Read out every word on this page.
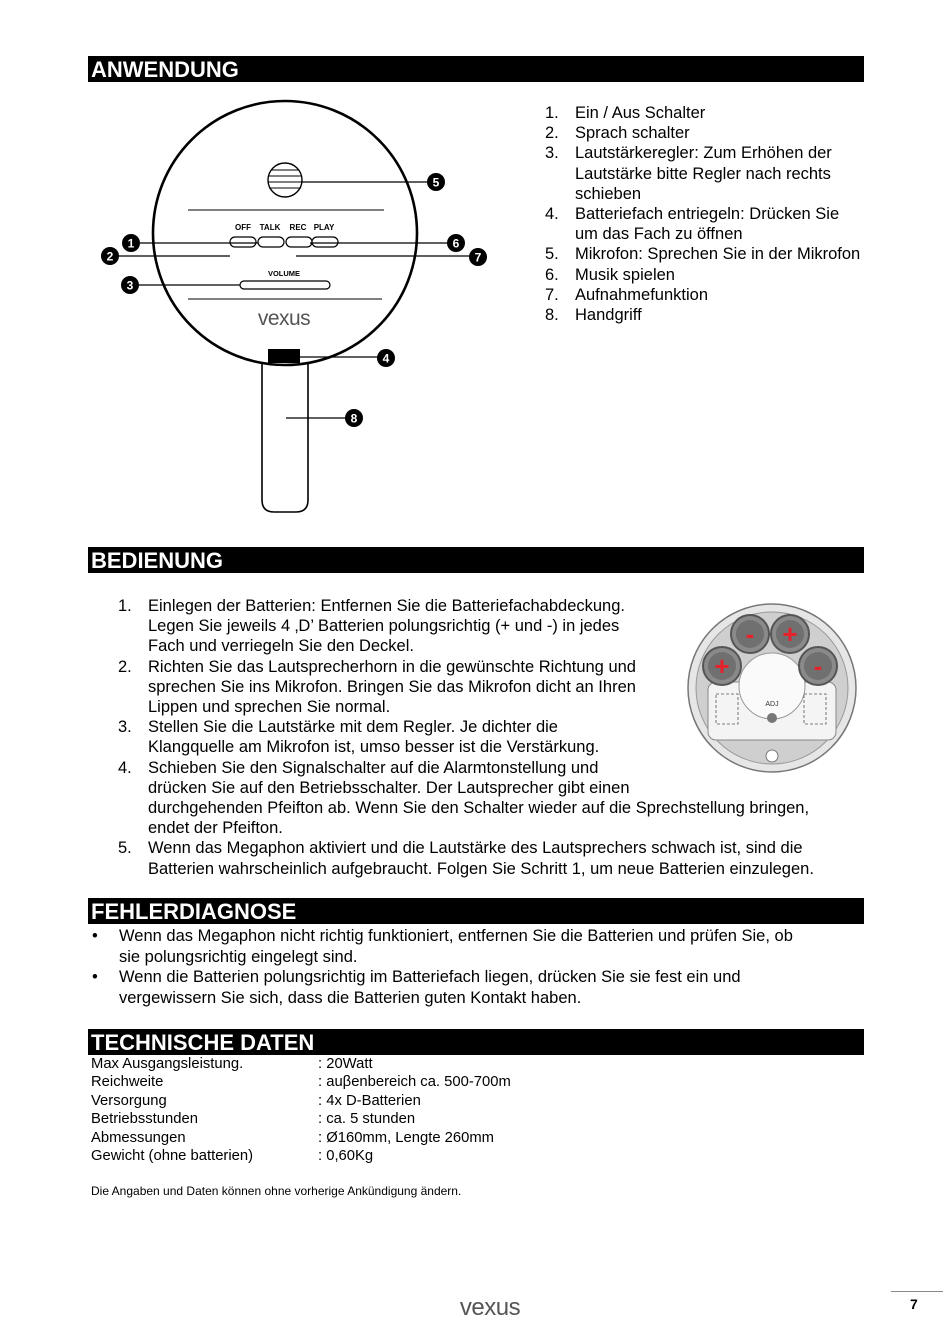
ANWENDUNG
BEDIENUNG
FEHLERDIAGNOSE
TECHNISCHE DATEN
OFF TALK REC PLAY
VOLUME
vexus
1
2
3
4
5
6
7
8
1. Ein / Aus Schalter
2. Sprach schalter
3. Lautstärkeregler: Zum Erhöhen der Lautstärke bitte Regler nach rechts schieben
4. Batteriefach entriegeln: Drücken Sie um das Fach zu öffnen
5. Mikrofon: Sprechen Sie in der Mikrofon
6. Musik spielen
7. Aufnahmefunktion
8. Handgriff
- +
+	-
ADJ
1. Einlegen der Batterien: Entfernen Sie die Batteriefachabdeckung.
Legen Sie jeweils 4 ‚D’ Batterien polungsrichtig (+ und -) in jedes
Fach und verriegeln Sie den Deckel.
2. Richten Sie das Lautsprecherhorn in die gewünschte Richtung und
sprechen Sie ins Mikrofon. Bringen Sie das Mikrofon dicht an Ihren
Lippen und sprechen Sie normal.
3. Stellen Sie die Lautstärke mit dem Regler. Je dichter die
Klangquelle am Mikrofon ist, umso besser ist die Verstärkung.
4. Schieben Sie den Signalschalter auf die Alarmtonstellung und
drücken Sie auf den Betriebsschalter. Der Lautsprecher gibt einen
durchgehenden Pfeifton ab. Wenn Sie den Schalter wieder auf die Sprechstellung bringen,
endet der Pfeifton.
5. Wenn das Megaphon aktiviert und die Lautstärke des Lautsprechers schwach ist, sind die
Batterien wahrscheinlich aufgebraucht. Folgen Sie Schritt 1, um neue Batterien einzulegen.
• Wenn das Megaphon nicht richtig funktioniert, entfernen Sie die Batterien und prüfen Sie, ob
sie polungsrichtig eingelegt sind.
• Wenn die Batterien polungsrichtig im Batteriefach liegen, drücken Sie sie fest ein und
vergewissern Sie sich, dass die Batterien guten Kontakt haben.
Max Ausgangsleistung.	: 20Watt
Reichweite	: auβenbereich ca. 500-700m
Versorgung	: 4x D-Batterien
Betriebsstunden	: ca. 5 stunden
Abmessungen	: Ø160mm, Lengte 260mm
Gewicht (ohne batterien)	: 0,60Kg
Die Angaben und Daten können ohne vorherige Ankündigung ändern.
vexus	7
